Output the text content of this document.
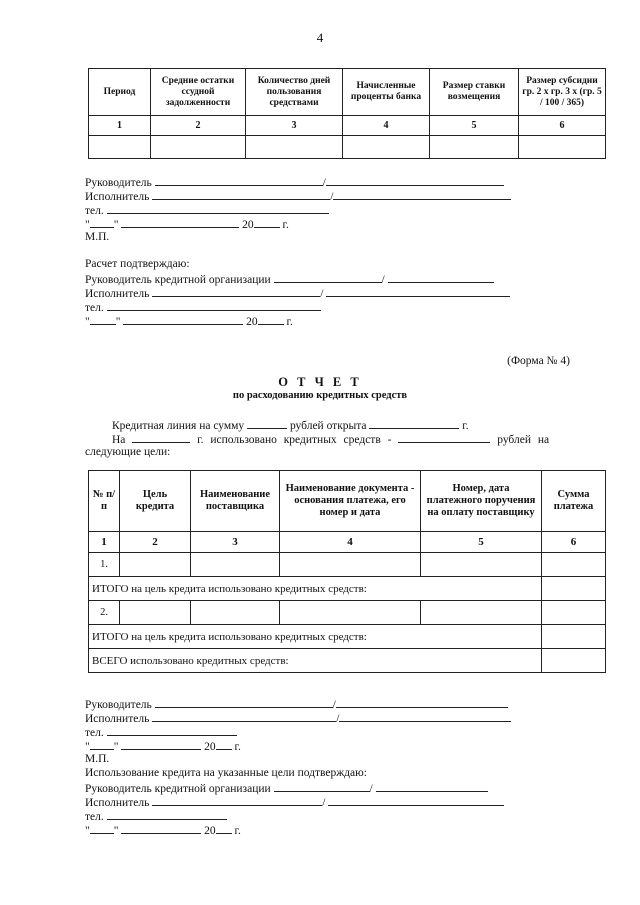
4
Период	Средние остатки ссудной задолженности	Количество дней пользования средствами	Начисленные проценты банка	Размер ставки возмещения	Размер субсидии гр. 2 х гр. 3 х (гр. 5 / 100 / 365)
1	2	3	4	5	6

Руководитель	/
Исполнитель	/
тел.
" "	20	г.
М.П.
Расчет подтверждаю:
Руководитель кредитной организации	/
Исполнитель	/
тел.
" "	20	г.
(Форма № 4)
О Т Ч Е Т
по расходованию кредитных средств
Кредитная линия на сумму	рублей открыта	г.
На	г. использовано кредитных средств -	рублей на
следующие цели:
№ п/п	Цель кредита	Наименование поставщика	Наименование документа - основания платежа, его номер и дата	Номер, дата платежного поручения на оплату поставщику	Сумма платежа
1	2	3	4	5	6
1.					
ИТОГО на цель кредита использовано кредитных средств:					
2.					
ИТОГО на цель кредита использовано кредитных средств:					
ВСЕГО использовано кредитных средств:					
Руководитель	/
Исполнитель	/
тел.
" "	20 г.
М.П.
Использование кредита на указанные цели подтверждаю:
Руководитель кредитной организации	/
Исполнитель	/
тел.
" "	20 г.
